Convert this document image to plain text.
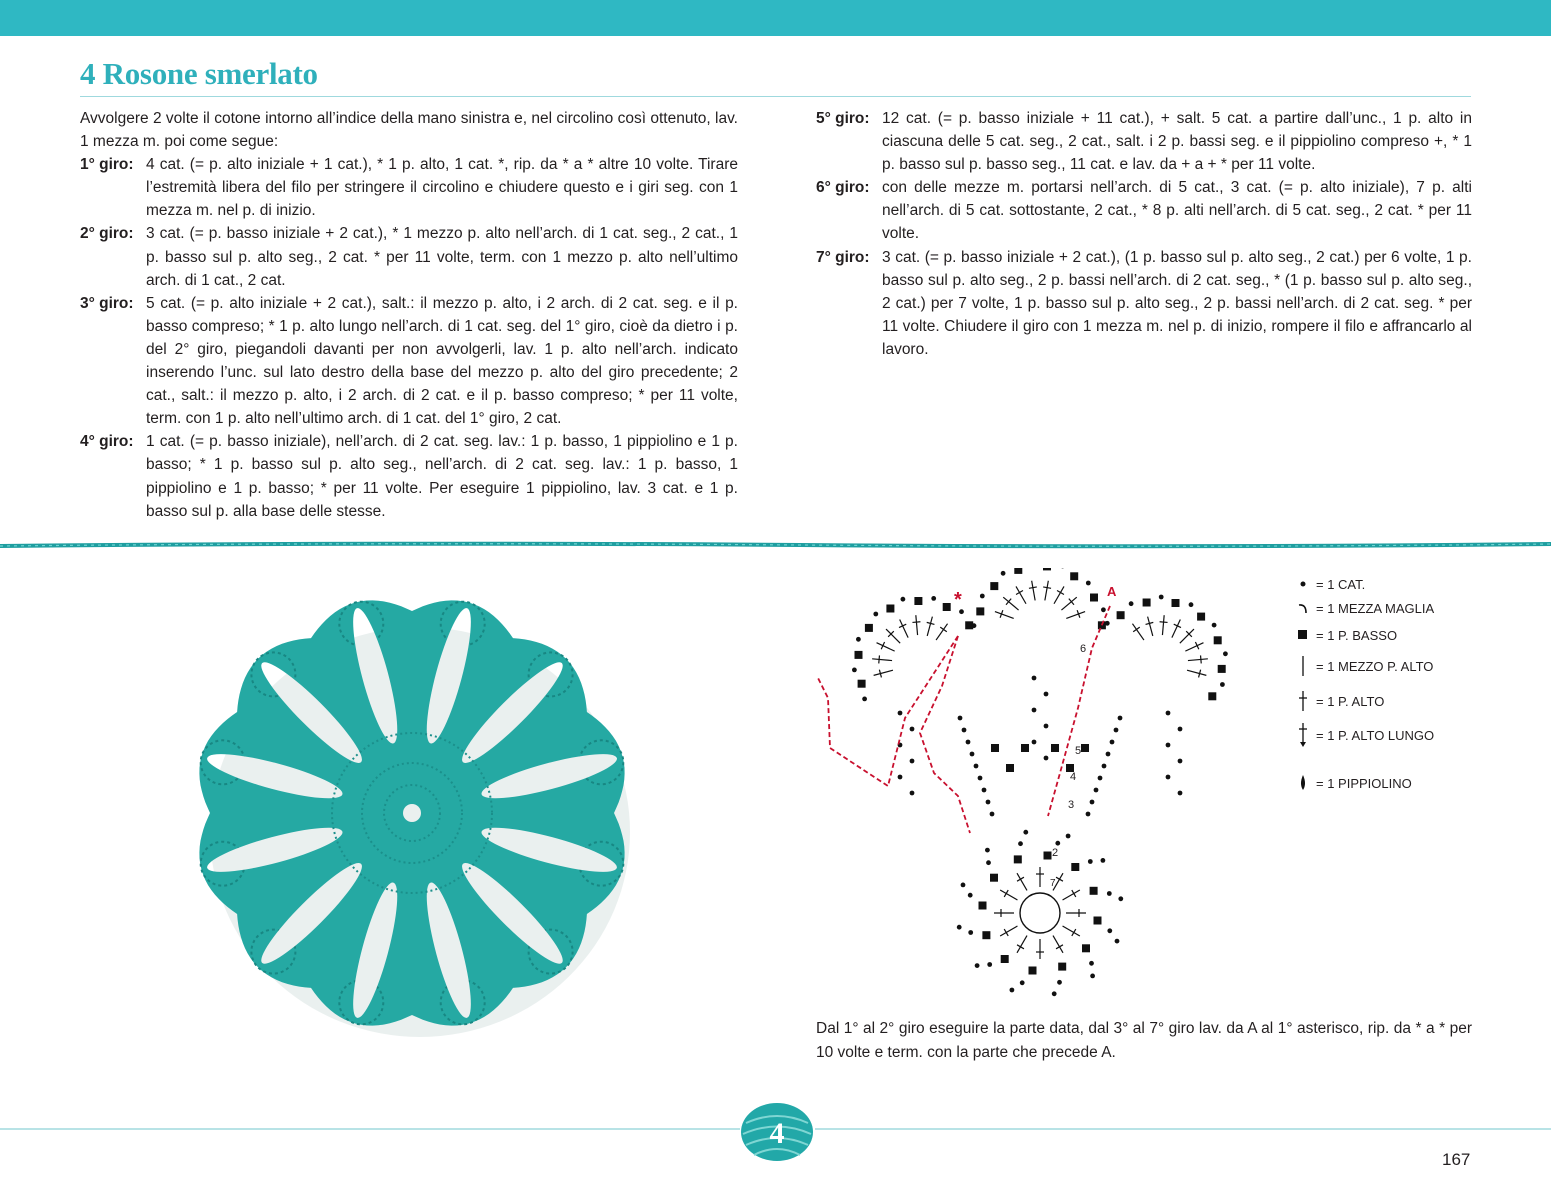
4 Rosone smerlato

Avvolgere 2 volte il cotone intorno all’indice della mano sinistra e, nel circolino così ottenuto, lav. 1 mezza m. poi come segue:

1° giro: 4 cat. (= p. alto iniziale + 1 cat.), * 1 p. alto, 1 cat. *, rip. da * a * altre 10 volte. Tirare l’estremità libera del filo per stringere il circolino e chiudere questo e i giri seg. con 1 mezza m. nel p. di inizio.
2° giro: 3 cat. (= p. basso iniziale + 2 cat.), * 1 mezzo p. alto nell’arch. di 1 cat. seg., 2 cat., 1 p. basso sul p. alto seg., 2 cat. * per 11 volte, term. con 1 mezzo p. alto nell’ultimo arch. di 1 cat., 2 cat.
3° giro: 5 cat. (= p. alto iniziale + 2 cat.), salt.: il mezzo p. alto, i 2 arch. di 2 cat. seg. e il p. basso compreso; * 1 p. alto lungo nell’arch. di 1 cat. seg. del 1° giro, cioè da dietro i p. del 2° giro, piegandoli davanti per non avvolgerli, lav. 1 p. alto nell’arch. indicato inserendo l’unc. sul lato destro della base del mezzo p. alto del giro precedente; 2 cat., salt.: il mezzo p. alto, i 2 arch. di 2 cat. e il p. basso compreso; * per 11 volte, term. con 1 p. alto nell’ultimo arch. di 1 cat. del 1° giro, 2 cat.
4° giro: 1 cat. (= p. basso iniziale), nell’arch. di 2 cat. seg. lav.: 1 p. basso, 1 pippiolino e 1 p. basso; * 1 p. basso sul p. alto seg., nell’arch. di 2 cat. seg. lav.: 1 p. basso, 1 pippiolino e 1 p. basso; * per 11 volte. Per eseguire 1 pippiolino, lav. 3 cat. e 1 p. basso sul p. alla base delle stesse.
5° giro: 12 cat. (= p. basso iniziale + 11 cat.), + salt. 5 cat. a partire dall’unc., 1 p. alto in ciascuna delle 5 cat. seg., 2 cat., salt. i 2 p. bassi seg. e il pippiolino compreso +, * 1 p. basso sul p. basso seg., 11 cat. e lav. da + a + * per 11 volte.
6° giro: con delle mezze m. portarsi nell’arch. di 5 cat., 3 cat. (= p. alto iniziale), 7 p. alti nell’arch. di 5 cat. sottostante, 2 cat., * 8 p. alti nell’arch. di 5 cat. seg., 2 cat. * per 11 volte.
7° giro: 3 cat. (= p. basso iniziale + 2 cat.), (1 p. basso sul p. alto seg., 2 cat.) per 6 volte, 1 p. basso sul p. alto seg., 2 p. bassi nell’arch. di 2 cat. seg., * (1 p. basso sul p. alto seg., 2 cat.) per 7 volte, 1 p. basso sul p. alto seg., 2 p. bassi nell’arch. di 2 cat. seg. * per 11 volte. Chiudere il giro con 1 mezza m. nel p. di inizio, rompere il filo e affrancarlo al lavoro.
*	A
2
3
4
5
6
7
= 1 CAT.
= 1 MEZZA MAGLIA
= 1 P. BASSO
= 1 MEZZO P. ALTO
= 1 P. ALTO
= 1 P. ALTO LUNGO
= 1 PIPPIOLINO

Dal 1° al 2° giro eseguire la parte data, dal 3° al 7° giro lav. da A al 1° asterisco, rip. da * a * per 10 volte e term. con la parte che precede A.

4
167
